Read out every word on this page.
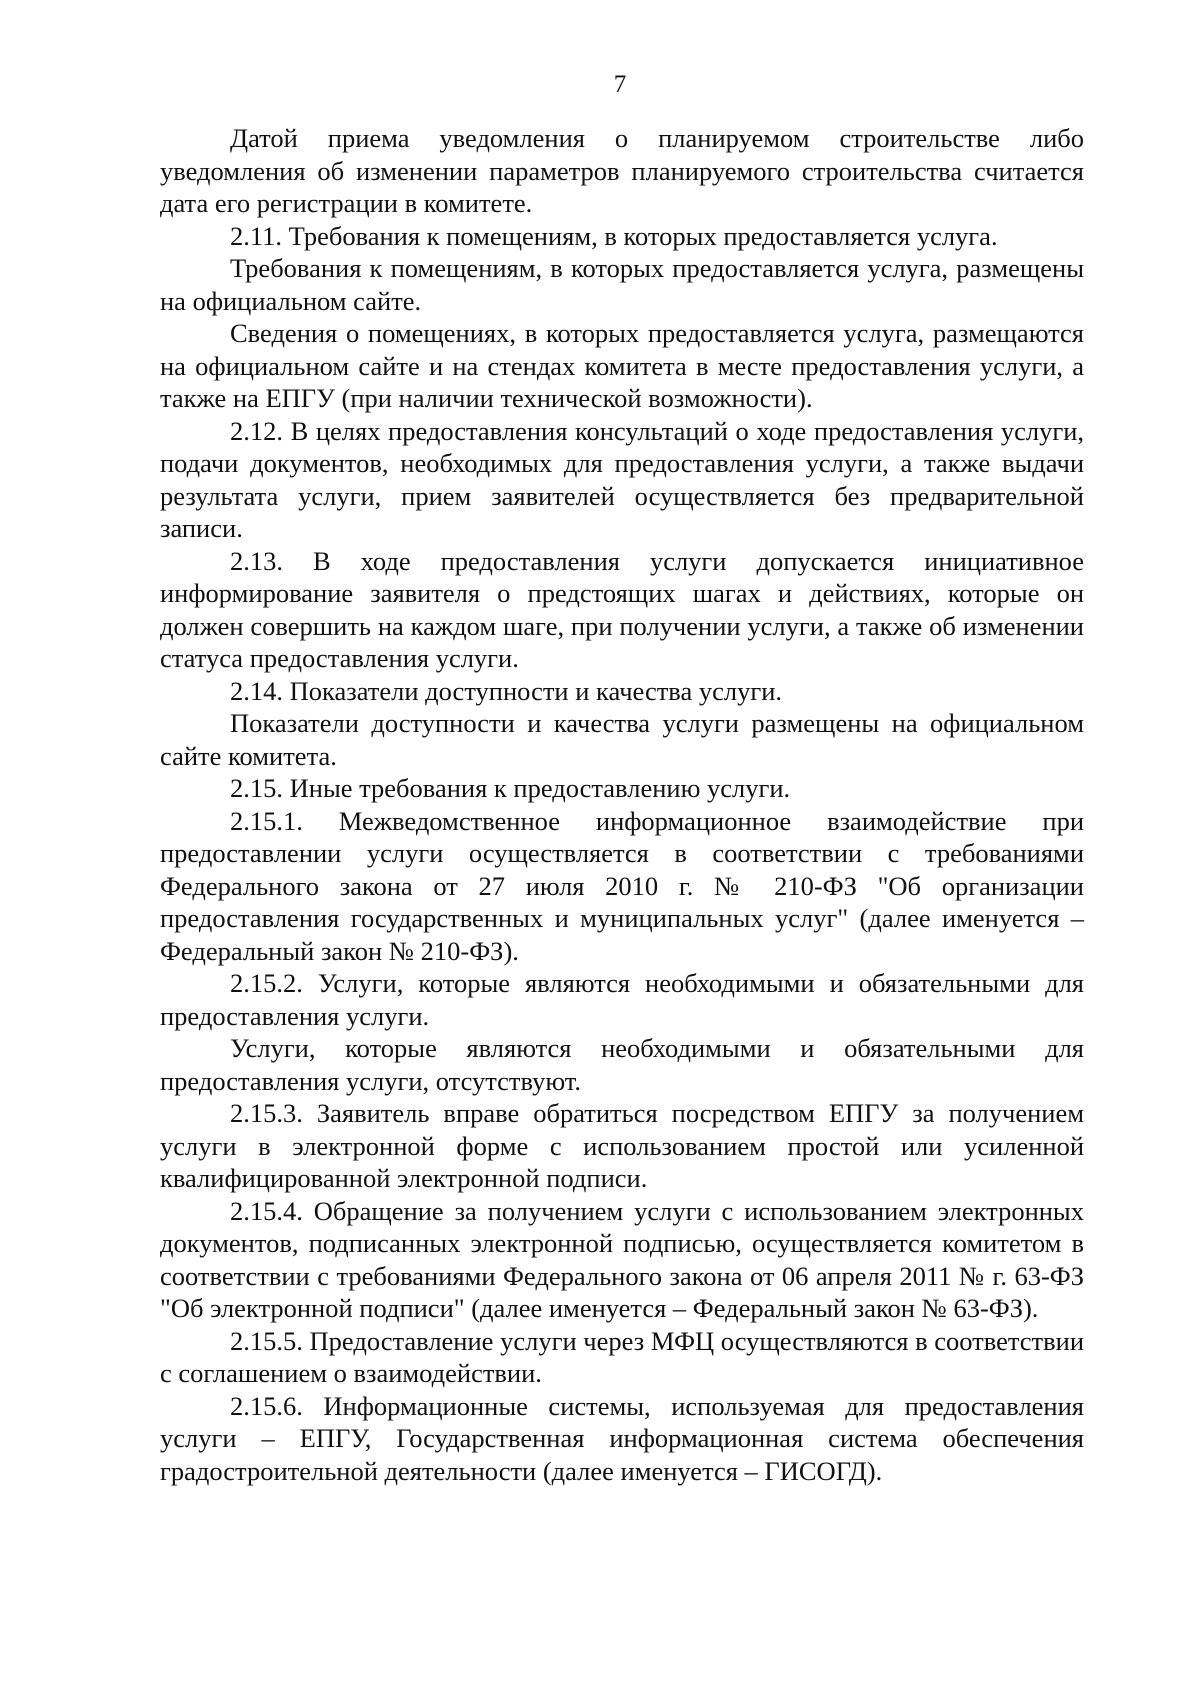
7

Датой приема уведомления о планируемом строительстве либо уведомления об изменении параметров планируемого строительства считается дата его регистрации в комитете.

2.11. Требования к помещениям, в которых предоставляется услуга.

Требования к помещениям, в которых предоставляется услуга, размещены на официальном сайте.

Сведения о помещениях, в которых предоставляется услуга, размещаются на официальном сайте и на стендах комитета в месте предоставления услуги, а также на ЕПГУ (при наличии технической возможности).

2.12. В целях предоставления консультаций о ходе предоставления услуги, подачи документов, необходимых для предоставления услуги, а также выдачи результата услуги, прием заявителей осуществляется без предварительной записи.

2.13. В ходе предоставления услуги допускается инициативное информирование заявителя о предстоящих шагах и действиях, которые он должен совершить на каждом шаге, при получении услуги, а также об изменении статуса предоставления услуги.

2.14. Показатели доступности и качества услуги.

Показатели доступности и качества услуги размещены на официальном сайте комитета.

2.15. Иные требования к предоставлению услуги.

2.15.1. Межведомственное информационное взаимодействие при предоставлении услуги осуществляется в соответствии с требованиями Федерального закона от 27 июля 2010 г. № 210-ФЗ "Об организации предоставления государственных и муниципальных услуг" (далее именуется – Федеральный закон № 210-ФЗ).

2.15.2. Услуги, которые являются необходимыми и обязательными для предоставления услуги.

Услуги, которые являются необходимыми и обязательными для предоставления услуги, отсутствуют.

2.15.3. Заявитель вправе обратиться посредством ЕПГУ за получением услуги в электронной форме с использованием простой или усиленной квалифицированной электронной подписи.

2.15.4. Обращение за получением услуги с использованием электронных документов, подписанных электронной подписью, осуществляется комитетом в соответствии с требованиями Федерального закона от 06 апреля 2011 № г. 63-ФЗ "Об электронной подписи" (далее именуется – Федеральный закон № 63-ФЗ).

2.15.5. Предоставление услуги через МФЦ осуществляются в соответствии с соглашением о взаимодействии.

2.15.6. Информационные системы, используемая для предоставления услуги – ЕПГУ, Государственная информационная система обеспечения градостроительной деятельности (далее именуется – ГИСОГД).
